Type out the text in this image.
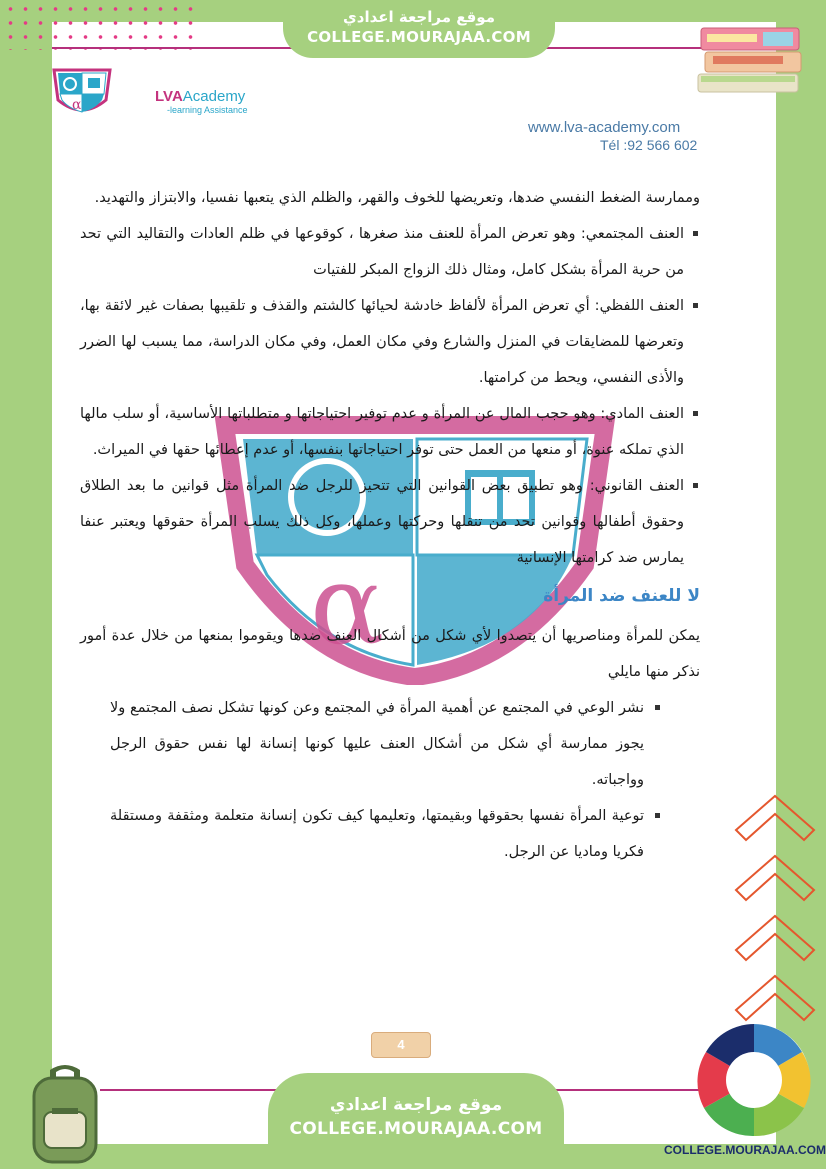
موقع مراجعة اعدادي
COLLEGE.MOURAJAA.COM
α	LVAAcademy
-learning Assistance
www.lva-academy.com
Tél :92 566 602
α

وممارسة الضغط النفسي ضدها، وتعريضها للخوف والقهر، والظلم الذي يتعبها نفسيا، والابتزاز والتهديد.

العنف المجتمعي: وهو تعرض المرأة للعنف منذ صغرها ، كوقوعها في ظلم العادات والتقاليد التي تحد من حرية المرأة بشكل كامل، ومثال ذلك الزواج المبكر للفتيات
العنف اللفظي: أي تعرض المرأة لألفاظ خادشة لحيائها كالشتم والقذف و تلقيبها بصفات غير لائقة بها، وتعرضها للمضايقات في المنزل والشارع وفي مكان العمل، وفي مكان الدراسة، مما يسبب لها الضرر والأذى النفسي، ويحط من كرامتها.
العنف المادي: وهو حجب المال عن المرأة و عدم توفير احتياجاتها و متطلباتها الأساسية، أو سلب مالها الذي تملكه عنوة، أو منعها من العمل حتى توفر احتياجاتها بنفسها، أو عدم إعطائها حقها في الميراث.
العنف القانوني: وهو تطبيق بعض القوانين التي تتحيز للرجل ضد المرأة مثل قوانين ما بعد الطلاق وحقوق أطفالها وقوانين تحد من تنقلها وحركتها وعملها، وكل ذلك يسلب المرأة حقوقها ويعتبر عنفا يمارس ضد كرامتها الإنسانية
لا للعنف ضد المرأة

يمكن للمرأة ومناصريها أن يتصدوا لأي شكل من أشكال العنف ضدها ويقوموا بمنعها من خلال عدة أمور نذكر منها مايلي

نشر الوعي في المجتمع عن أهمية المرأة في المجتمع وعن كونها تشكل نصف المجتمع ولا يجوز ممارسة أي شكل من أشكال العنف عليها كونها إنسانة لها نفس حقوق الرجل وواجباته.
توعية المرأة نفسها بحقوقها وبقيمتها، وتعليمها كيف تكون إنسانة متعلمة ومثقفة ومستقلة فكريا وماديا عن الرجل.
4
COLLEGE.MOURAJAA.COM
موقع مراجعة اعدادي
COLLEGE.MOURAJAA.COM
